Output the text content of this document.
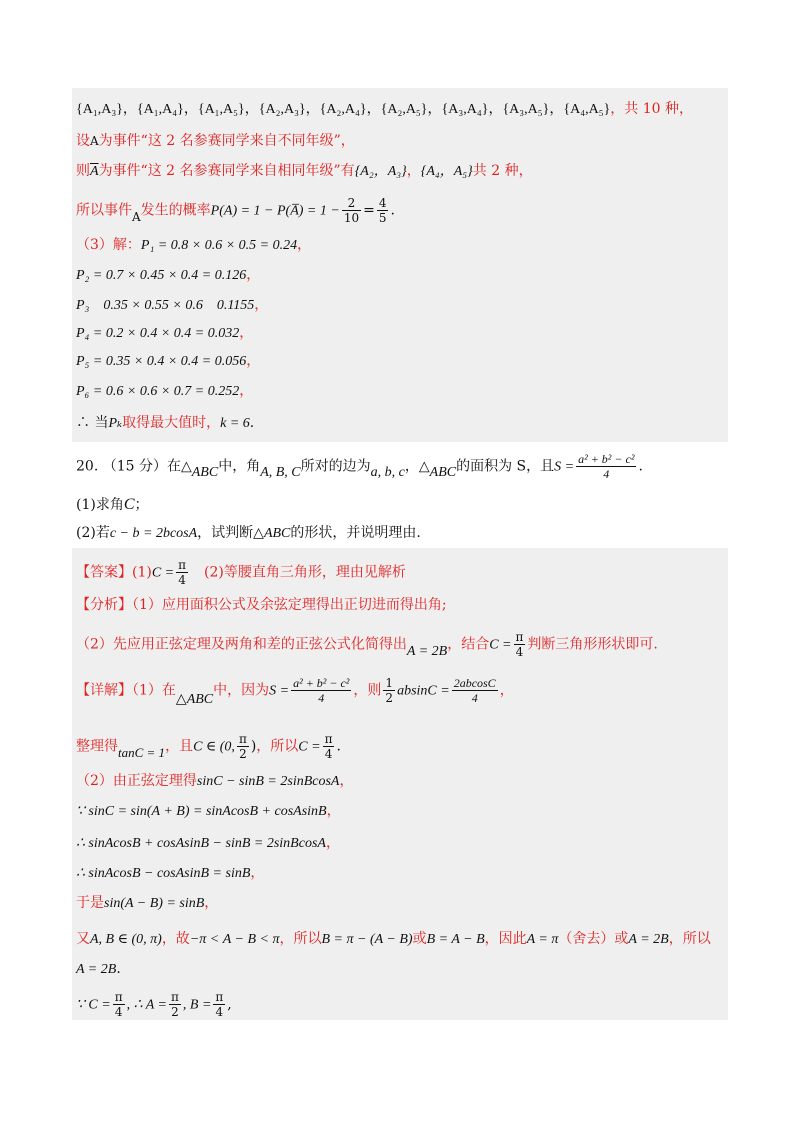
{A₁,A₃}，{A₁,A₄}，{A₁,A₅}，{A₂,A₃}，{A₂,A₄}，{A₂,A₅}，{A₃,A₄}，{A₃,A₅}，{A₄,A₅}，共 10 种，
设A为事件“这 2 名参赛同学来自不同年级”，
则$\overline{A}$为事件“这 2 名参赛同学来自相同年级”有{A₂，A₃}，{A₄，A₅}共 2 种，
所以事件A发生的概率P(A) = 1 − P(A̅) = $1 - \frac{2}{10} = \frac{4}{5}$ .
（3）解：P₁ = 0.8 × 0.6 × 0.5 = 0.24，
P₂ = 0.7 × 0.45 × 0.4 = 0.126，
P₃　0.35 × 0.55 × 0.6　0.1155，
P₄ = 0.2 × 0.4 × 0.4 = 0.032，
P₅ = 0.35 × 0.4 × 0.4 = 0.056，
P₆ = 0.6 × 0.6 × 0.7 = 0.252，
∴ 当Pₖ取得最大值时，k = 6.
20. （15 分）在△ABC中，角A, B, C所对的边为a, b, c，△ABC的面积为 S，且$S = \frac{\text{a² + b² − c²}}{4}$ .
(1)求角C；
(2)若c − b = 2bcosA，试判断△ABC的形状，并说明理由.
【答案】$(1)C = \frac{\pi}{4}$
　 (2)等腰直角三角形，理由见解析
【分析】（1）应用面积公式及余弦定理得出正切进而得出角;
（2）先应用正弦定理及两角和差的正弦公式化简得出A = 2B，结合$C = \frac{\pi}{4}$ 判断三角形形状即可.
【详解】（1）在△ABC中，因为$S = \frac{\text{a² + b² − c²}}{4}$ ，则 $\frac{1}{2}$ $absinC = \frac{2abcosC}{4}$ ，
整理得tanC = 1，且C ∈ (0, $\frac{\pi}{2}$ )，所以$C = \frac{\pi}{4}$ .
（2）由正弦定理得sinC − sinB = 2sinBcosA，
∵ sinC = sin(A + B) = sinAcosB + cosAsinB，
∴ sinAcosB + cosAsinB − sinB = 2sinBcosA，
∴ sinAcosB − cosAsinB = sinB，
于是sin(A − B) = sinB，
又A, B ∈ (0, π)，故−π < A − B < π，所以B = π − (A − B)或B = A − B，因此A = π（舍去）或A = 2B，所以
A = 2B.
∵ $C = \frac{\pi}{4}$ , ∴ $A = \frac{\pi}{2}$ , $B = \frac{\pi}{4}$ ,
